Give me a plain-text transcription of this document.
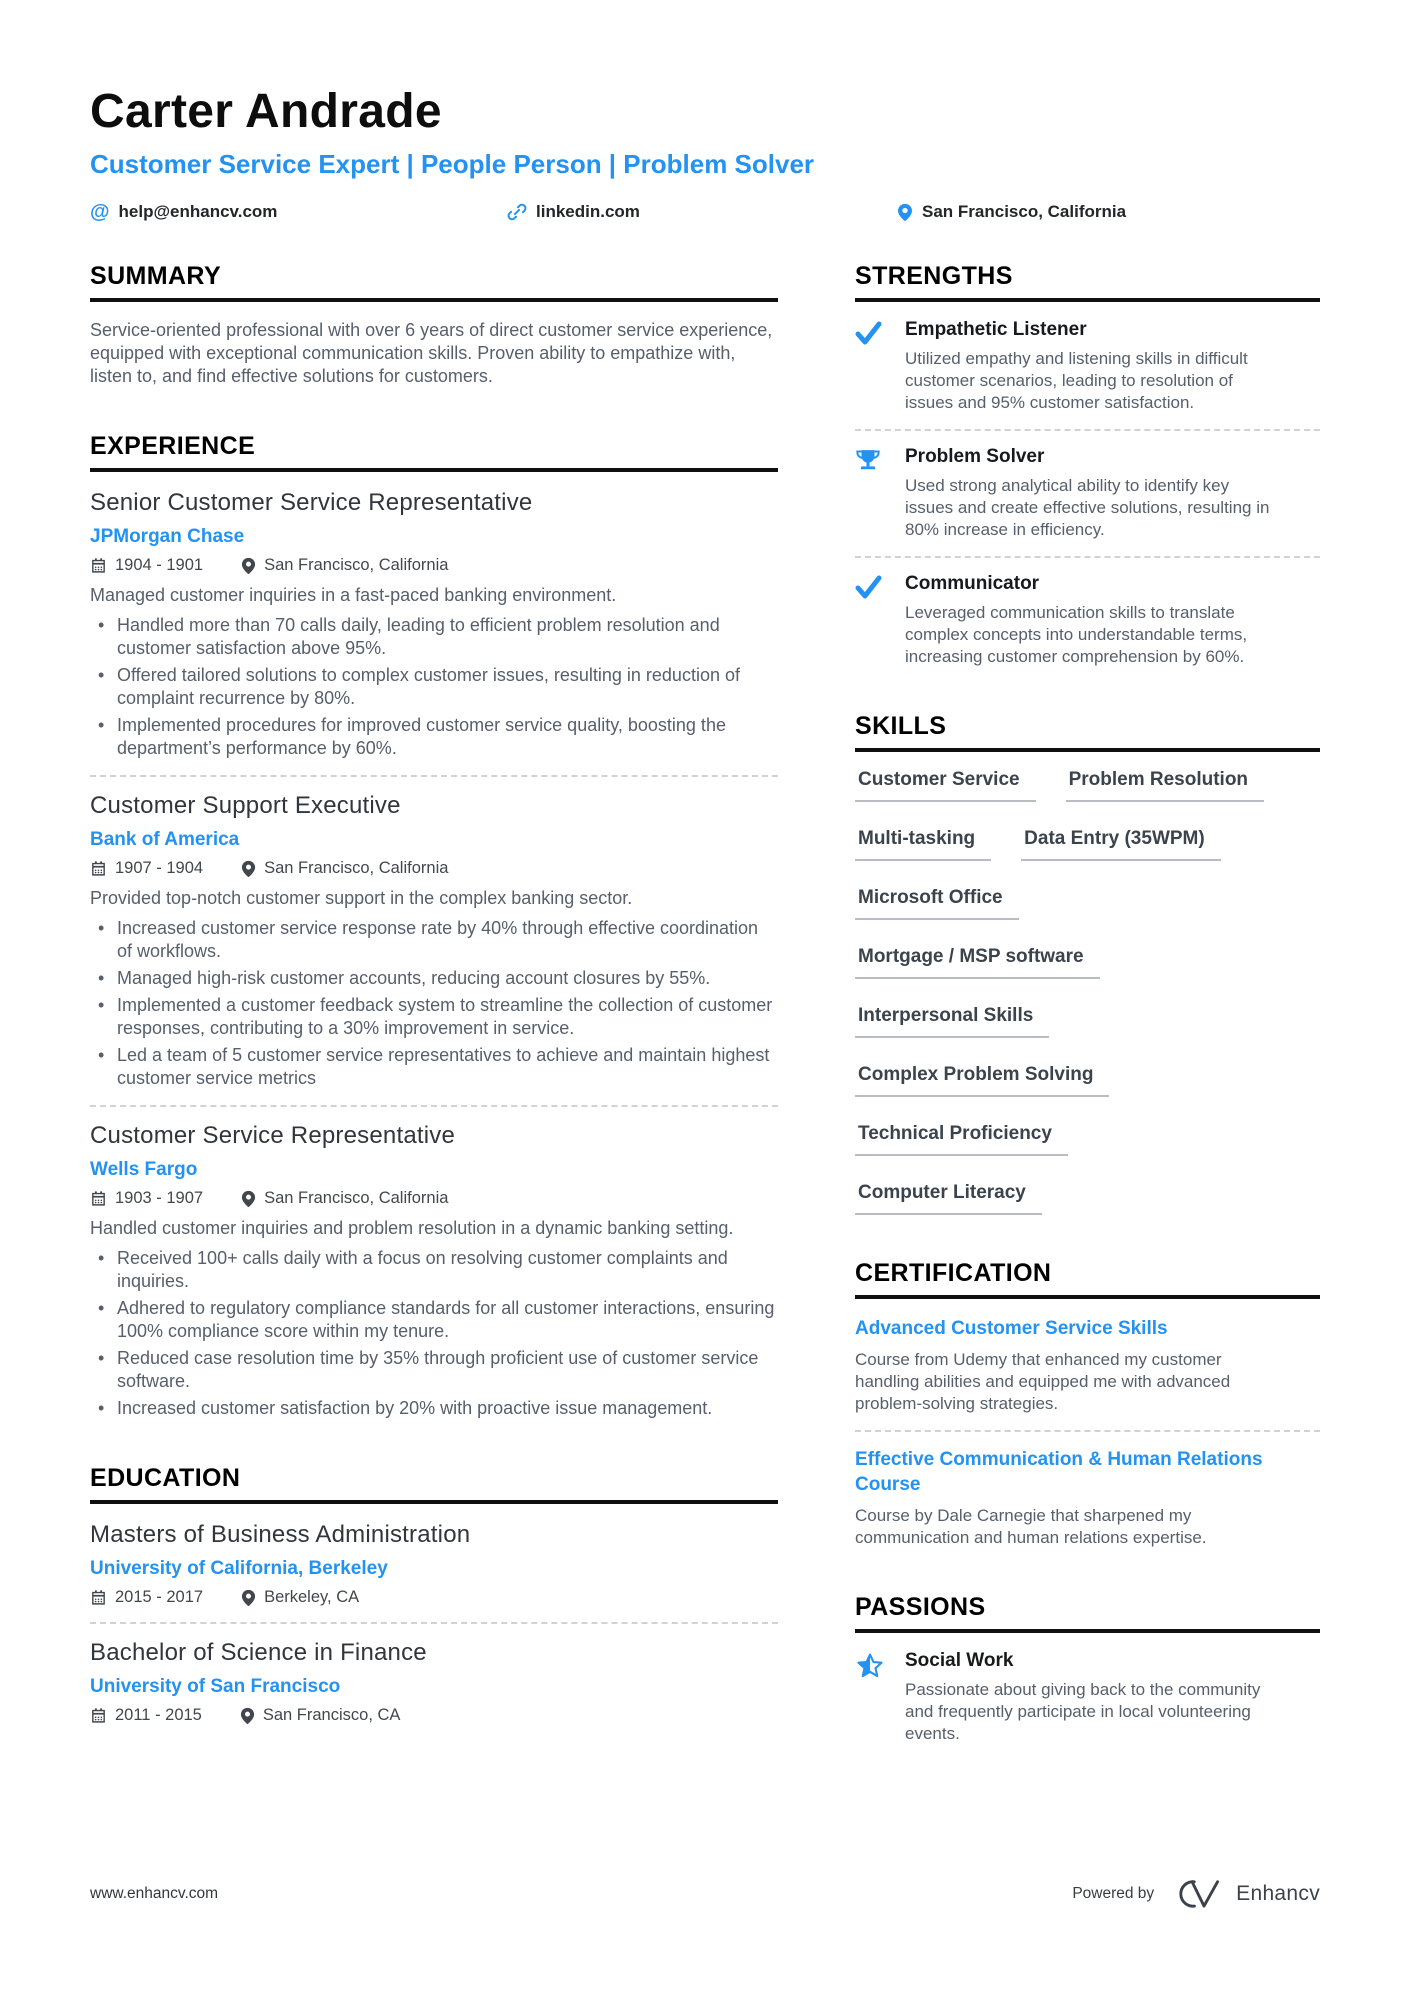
Carter Andrade
Customer Service Expert | People Person | Problem Solver
@ help@enhancv.com	linkedin.com	San Francisco, California
SUMMARY

Service-oriented professional with over 6 years of direct customer service experience, equipped with exceptional communication skills. Proven ability to empathize with, listen to, and find effective solutions for customers.

EXPERIENCE
Senior Customer Service Representative
JPMorgan Chase
1904 - 1901	San Francisco, California

Managed customer inquiries in a fast-paced banking environment.

• Handled more than 70 calls daily, leading to efficient problem resolution and customer satisfaction above 95%.
• Offered tailored solutions to complex customer issues, resulting in reduction of complaint recurrence by 80%.
• Implemented procedures for improved customer service quality, boosting the department’s performance by 60%.
Customer Support Executive
Bank of America
1907 - 1904	San Francisco, California

Provided top-notch customer support in the complex banking sector.

• Increased customer service response rate by 40% through effective coordination of workflows.
• Managed high-risk customer accounts, reducing account closures by 55%.
• Implemented a customer feedback system to streamline the collection of customer responses, contributing to a 30% improvement in service.
• Led a team of 5 customer service representatives to achieve and maintain highest customer service metrics
Customer Service Representative
Wells Fargo
1903 - 1907	San Francisco, California

Handled customer inquiries and problem resolution in a dynamic banking setting.

• Received 100+ calls daily with a focus on resolving customer complaints and inquiries.
• Adhered to regulatory compliance standards for all customer interactions, ensuring 100% compliance score within my tenure.
• Reduced case resolution time by 35% through proficient use of customer service software.
• Increased customer satisfaction by 20% with proactive issue management.
EDUCATION
Masters of Business Administration
University of California, Berkeley
2015 - 2017	Berkeley, CA
Bachelor of Science in Finance
University of San Francisco
2011 - 2015	San Francisco, CA
STRENGTHS
Empathetic Listener

Utilized empathy and listening skills in difficult customer scenarios, leading to resolution of issues and 95% customer satisfaction.

Problem Solver

Used strong analytical ability to identify key issues and create effective solutions, resulting in 80% increase in efficiency.

Communicator

Leveraged communication skills to translate complex concepts into understandable terms, increasing customer comprehension by 60%.

SKILLS
Customer Service	Problem Resolution
Multi-tasking	Data Entry (35WPM)
Microsoft Office
Mortgage / MSP software
Interpersonal Skills
Complex Problem Solving
Technical Proficiency
Computer Literacy
CERTIFICATION
Advanced Customer Service Skills

Course from Udemy that enhanced my customer handling abilities and equipped me with advanced problem-solving strategies.

Effective Communication & Human Relations Course

Course by Dale Carnegie that sharpened my communication and human relations expertise.

PASSIONS
Social Work

Passionate about giving back to the community and frequently participate in local volunteering events.

www.enhancv.com	Powered by	Enhancv
